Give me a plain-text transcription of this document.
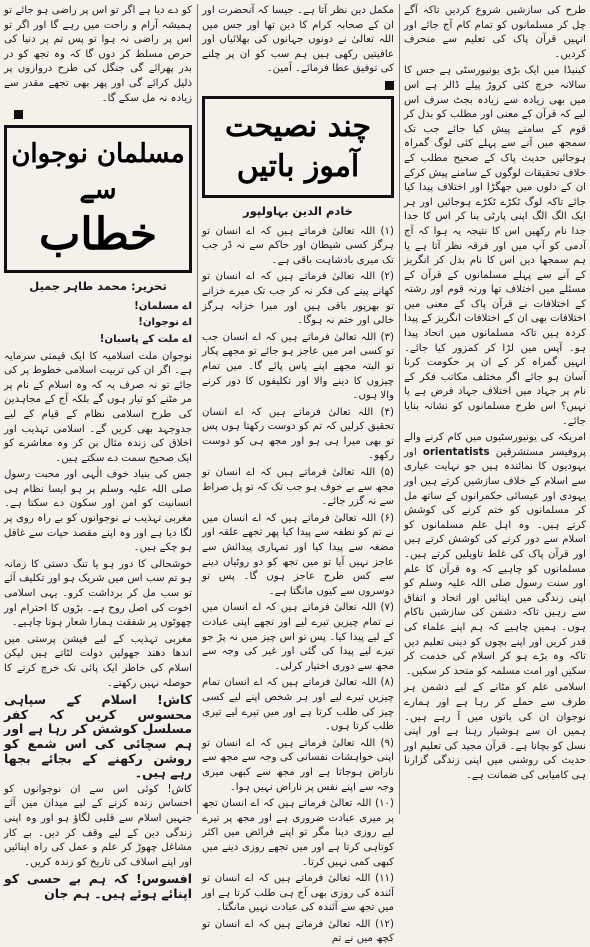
طرح کی سازشیں شروع کردیں تاکہ آگے چل کر مسلمانوں کو تمام کام آج جائے اور انہیں قرآن پاک کی تعلیم سے منحرف کردیں۔

کینیڈا میں ایک بڑی یونیورسٹی ہے جس کا سالانہ خرچ کئی کروڑ پیلے ڈالر ہے اس میں بھی زیادہ سے زیادہ بجٹ سرف اس لیے کہ قرآن کے معنی اور مطلب کو بدل کر قوم کے سامنے پیش کیا جائے جب تک سمجھ میں آنے سے پہلے کئی لوگ گمراہ ہوجائیں حدیث پاک کے صحیح مطلب کے خلاف تحقیقات لوگوں کے سامنے پیش کرکے ان کے دلوں میں جھگڑا اور اختلاف پیدا کیا جائے تاکہ لوگ ٹکڑے ٹکڑے ہوجائیں اور ہر ایک الگ الگ اپنی پارٹی بنا کر اس کا جدا جدا نام رکھیں اس کا نتیجہ یہ ہوا کہ آج آدمی کو آپ میں اور فرقہ نظر آتا ہے یا ہم سمجھا دیں اس کا نام بدل کر انگریز کے آنے سے پہلے مسلمانوں کے قرآن کے مسئلے میں اختلاف تھا ورنہ قوم اور رشتہ کے اختلافات نے قرآن پاک کے معنی میں اختلافات بھی ان کے اختلافات انگریز کے پیدا کردہ ہیں تاکہ مسلمانوں میں اتحاد پیدا ہو۔ آپس میں لڑا کر کمزور کیا جائے۔ انہیں گمراہ کر کے ان پر حکومت کرنا آسان ہو جائے اگر مختلف مکاتب فکر کے نام پر جہاد میں اختلاف جہاد فرض ہے یا نہیں؟ اس طرح مسلمانوں کو نشانہ بنایا جائے۔

امریکہ کی یونیورسٹیوں میں کام کرنے والے پروفیسر مستشرقین orientatists اور یہودیوں کا نمائندہ ہیں جو نہایت عیاری سے اسلام کے خلاف سازشیں کرتے ہیں اور یہودی اور عیسائی حکمرانوں کے ساتھ مل کر مسلمانوں کو ختم کرنے کی کوشش کرتے ہیں۔ وہ اہل علم مسلمانوں کو اسلام سے دور کرنے کی کوشش کرتے ہیں اور قرآن پاک کی غلط تاویلیں کرتے ہیں۔ مسلمانوں کو چاہیے کہ وہ قرآن کا علم اور سنت رسول صلی اللہ علیہ وسلم کو اپنی زندگی میں اپنائیں اور اتحاد و اتفاق سے رہیں تاکہ دشمن کی سازشیں ناکام ہوں۔ ہمیں چاہیے کہ ہم اپنے علماء کی قدر کریں اور اپنے بچوں کو دینی تعلیم دیں تاکہ وہ بڑے ہو کر اسلام کی خدمت کر سکیں اور امت مسلمہ کو متحد کر سکیں۔

اسلامی علم کو مٹانے کے لیے دشمن ہر طرف سے حملے کر رہا ہے اور ہمارے نوجوان ان کی باتوں میں آ رہے ہیں۔ ہمیں ان سے ہوشیار رہنا ہے اور اپنی نسل کو بچانا ہے۔ قرآن مجید کی تعلیم اور حدیث کی روشنی میں اپنی زندگی گزارنا ہی کامیابی کی ضمانت ہے۔

مکمل دین نظر آتا ہے۔ جیسا کہ آنحضرت اور ان کے صحابہ کرام کا دین تھا اور جس میں اللہ تعالیٰ نے دونوں جہانوں کی بھلائیاں اور عافیتیں رکھی ہیں ہم سب کو ان پر چلنے کی توفیق عطا فرمائے۔ آمین۔

چند نصیحت آموز باتیں
خادم الدین بہاولپور

(۱) اللہ تعالیٰ فرماتے ہیں کہ اے انسان تو ہرگز کسی شیطان اور حاکم سے نہ ڈر جب تک میری بادشاہت باقی ہے۔

(۲) اللہ تعالیٰ فرماتے ہیں کہ اے انسان تو کھانے پینے کی فکر نہ کر جب تک میرے خزانے تو بھرپور باقی ہیں اور میرا خزانہ ہرگز خالی اور ختم نہ ہوگا۔

(۳) اللہ تعالیٰ فرماتے ہیں کہ اے انسان جب تو کسی امر میں عاجز ہو جائے تو مجھے پکار تو البتہ مجھے اپنے پاس پائے گا۔ میں تمام چیزوں کا دینے والا اور تکلیفوں کا دور کرنے والا ہوں۔

(۴) اللہ تعالیٰ فرماتے ہیں کہ اے انسان تحقیق کرلیں کہ تم کو دوست رکھتا ہوں پس تو بھی میرا ہی ہو اور مجھ ہی کو دوست رکھو۔

(۵) اللہ تعالیٰ فرماتے ہیں کہ اے انسان تو مجھ سے بے خوف ہو جب تک کہ تو پل صراط سے نہ گزر جائے۔

(۶) اللہ تعالیٰ فرماتے ہیں کہ اے انسان میں نے تم کو نطفہ سے پیدا کیا پھر تجھے علقہ اور مضغہ سے پیدا کیا اور تمہاری پیدائش سے عاجز نہیں آیا تو میں تجھ کو دو روٹیاں دینے سے کس طرح عاجز ہوں گا۔ پس تو دوسروں سے کیوں مانگتا ہے۔

(۷) اللہ تعالیٰ فرماتے ہیں کہ اے انسان میں نے تمام چیزیں تیرے لیے اور تجھے اپنی عبادت کے لیے پیدا کیا۔ پس تو اس چیز میں نہ پڑ جو تیرے لیے پیدا کی گئی اور غیر کی وجہ سے مجھ سے دوری اختیار کرلی۔

(۸) اللہ تعالیٰ فرماتے ہیں کہ اے انسان تمام چیزیں تیرے لیے اور ہر شخص اپنے لیے کسی چیز کی طلب کرتا ہے اور میں تیرے لیے تیری طلب کرتا ہوں۔

(۹) اللہ تعالیٰ فرماتے ہیں کہ اے انسان تو اپنی خواہشات نفسانی کی وجہ سے مجھ سے ناراض ہوجاتا ہے اور مجھ سے کبھی میری وجہ سے اپنے نفس پر ناراض نہیں ہوا۔

(۱۰) اللہ تعالیٰ فرماتے ہیں کہ اے انسان تجھ پر میری عبادت ضروری ہے اور مجھ پر تیرے لیے روزی دینا مگر تو اپنے فرائض میں اکثر کوتاہی کرتا ہے اور میں تجھے روزی دینے میں کبھی کمی نہیں کرتا۔

(۱۱) اللہ تعالیٰ فرماتے ہیں کہ اے انسان تو آئندہ کی روزی بھی آج ہی طلب کرتا ہے اور میں تجھ سے آئندہ کی عبادت نہیں مانگتا۔

(۱۲) اللہ تعالیٰ فرماتے ہیں کہ اے انسان تو کچھ میں نے تم

کو دے دیا ہے اگر تو اس پر راضی ہو جائے تو ہمیشہ آرام و راحت میں رہے گا اور اگر تو اس پر راضی نہ ہوا تو پس تم پر دنیا کی حرص مسلط کر دوں گا کہ وہ تجھ کو در بدر پھرائے گی جنگل کی طرح دروازوں پر ذلیل کرائے گی اور پھر بھی تجھے مقدر سے زیادہ نہ مل سکے گا۔

مسلمان نوجوان سے
خطاب
تحریر: محمد طاہر جمیل

اے مسلمان!

اے نوجوان!

اے ملت کے پاسبان!

نوجوان ملت اسلامیہ کا ایک قیمتی سرمایہ ہے۔ اگر ان کی تربیت اسلامی خطوط پر کی جائے تو نہ صرف یہ کہ وہ اسلام کے نام پر مر مٹنے کو تیار ہوں گے بلکہ آج کے مجاہدین کی طرح اسلامی نظام کے قیام کے لیے جدوجہد بھی کریں گے۔ اسلامی تہذیب اور اخلاق کی زندہ مثال بن کر وہ معاشرے کو ایک صحیح سمت دے سکتے ہیں۔

جس کی بنیاد خوف الٰہی اور محبت رسول صلی اللہ علیہ وسلم پر ہو ایسا نظام ہی انسانیت کو امن اور سکون دے سکتا ہے۔ مغربی تہذیب نے نوجوانوں کو بے راہ روی پر لگا دیا ہے اور وہ اپنے مقصد حیات سے غافل ہو چکے ہیں۔

خوشحالی کا دور ہو یا تنگ دستی کا زمانہ ہو تم سب اس میں شریک ہو اور تکلیف آئے تو سب مل کر برداشت کرو۔ یہی اسلامی اخوت کی اصل روح ہے۔ بڑوں کا احترام اور چھوٹوں پر شفقت ہمارا شعار ہونا چاہیے۔

مغربی تہذیب کے لیے فیشن پرستی میں اندھا دھند جھولیں دولت لٹاتے ہیں لیکن اسلام کی خاطر ایک پائی تک خرچ کرنے کا حوصلہ نہیں رکھتے۔

کاش! اسلام کے سپاہی محسوس کریں کہ کفر مسلسل کوشش کر رہا ہے اور ہم سچائی کی اس شمع کو روشن رکھنے کے بجائے بجھا رہے ہیں۔

کاش! کوئی اس سے ان نوجوانوں کو احساس زندہ کرنے کے لیے میدان میں آئے جنہیں اسلام سے قلبی لگاؤ ہو اور وہ اپنی زندگی دین کے لیے وقف کر دیں۔ بے کار مشاغل چھوڑ کر علم و عمل کی راہ اپنائیں اور اپنے اسلاف کی تاریخ کو زندہ کریں۔

افسوس! کہ ہم بے حسی کو اپنائے ہوئے ہیں۔ ہم جان
